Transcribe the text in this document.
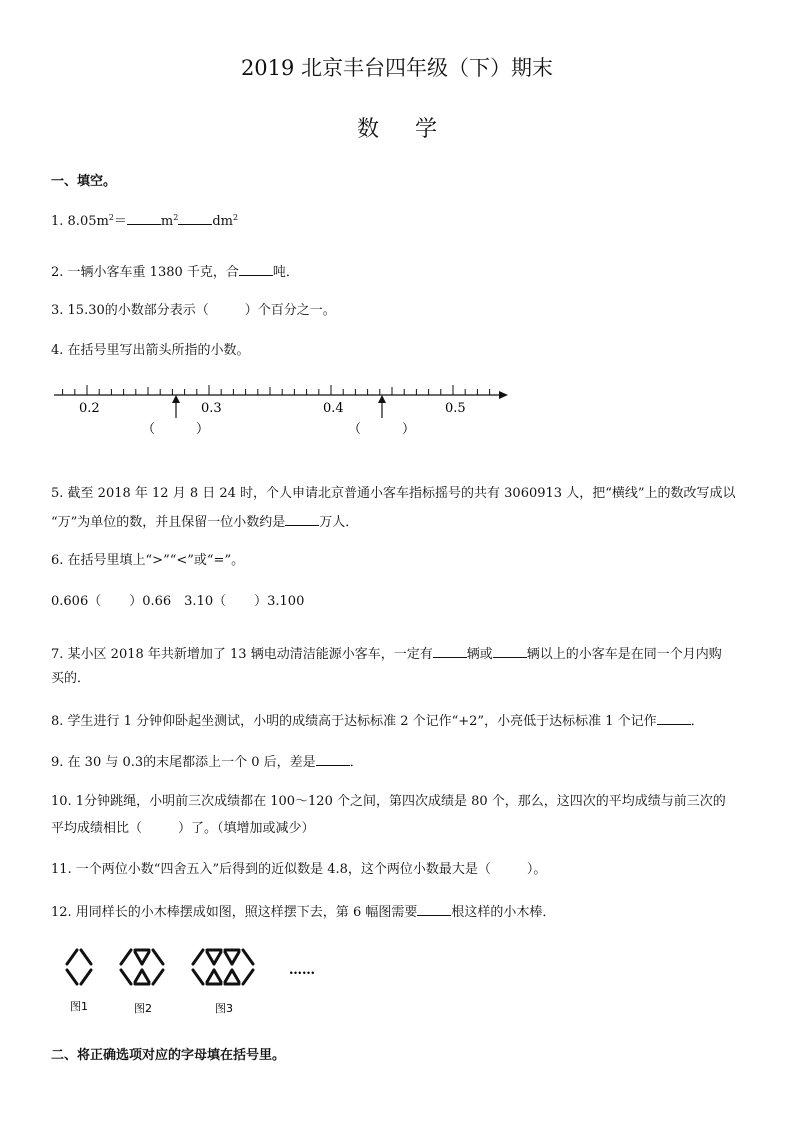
2019 北京丰台四年级（下）期末
数学
一、填空。
1. $8.05m^2=$	$m^2$	$dm^2$
2. 一辆小客车重 1380 千克，合	吨．
3. 15.30的小数部分表示（	）个百分之一。
4. 在括号里写出箭头所指的小数。
0.2	0.3	0.4	0.5
（	）	（	）
5. 截至 2018 年 12 月 8 日 24 时，个人申请北京普通小客车指标摇号的共有 3060913 人，把“横线”上的数改写成以
“万”为单位的数，并且保留一位小数约是	万人．
6. 在括号里填上“>”“<”或“=”。
0.606（ ）0.66　3.10（ ）3.100
7. 某小区 2018 年共新增加了 13 辆电动清洁能源小客车，一定有	辆或	辆以上的小客车是在同一个月内购
买的．
8. 学生进行 1 分钟仰卧起坐测试，小明的成绩高于达标标准 2 个记作“+2”，小亮低于达标标准 1 个记作	．
9. 在 30 与 0.3的末尾都添上一个 0 后，差是	．
10. 1分钟跳绳，小明前三次成绩都在 100～120 个之间，第四次成绩是 80 个，那么，这四次的平均成绩与前三次的
平均成绩相比（	）了。（填增加或减少）
11. 一个两位小数“四舍五入”后得到的近似数是 4.8，这个两位小数最大是（	）。
12. 用同样长的小木棒摆成如图，照这样摆下去，第 6 幅图需要	根这样的小木棒．
图1	图2	图3
……
二、将正确选项对应的字母填在括号里。
